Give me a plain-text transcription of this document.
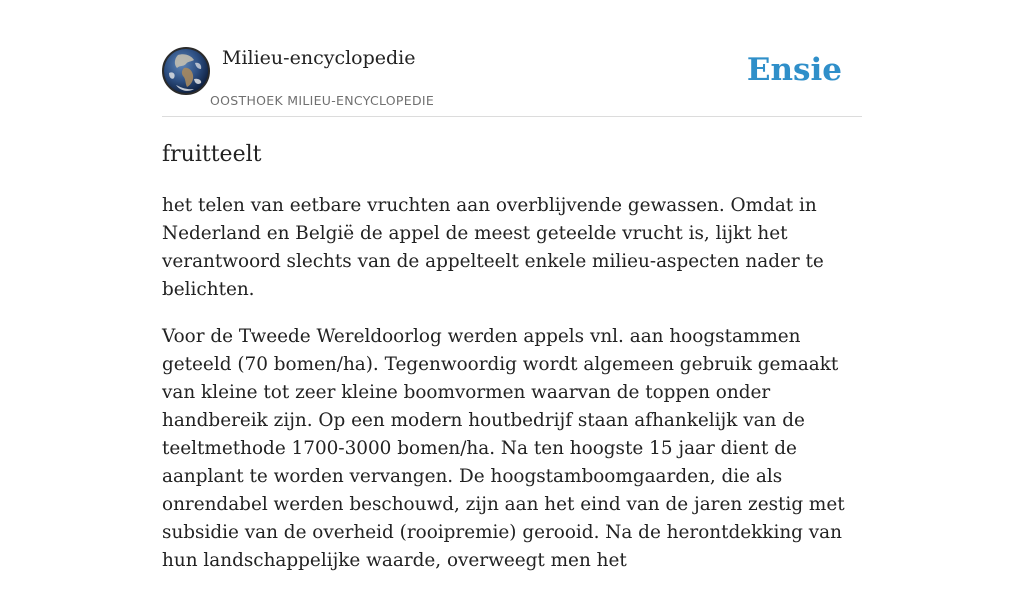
Milieu-encyclopedie
OOSTHOEK MILIEU-ENCYCLOPEDIE
Ensie
fruitteelt

het telen van eetbare vruchten aan overblijvende gewassen. Omdat in Nederland en België de appel de meest geteelde vrucht is, lijkt het verantwoord slechts van de appelteelt enkele milieu-aspecten nader te belichten.

Voor de Tweede Wereldoorlog werden appels vnl. aan hoogstammen geteeld (70 bomen/ha). Tegenwoordig wordt algemeen gebruik gemaakt van kleine tot zeer kleine boomvormen waarvan de toppen onder handbereik zijn. Op een modern houtbedrijf staan afhankelijk van de teeltmethode 1700-3000 bomen/ha. Na ten hoogste 15 jaar dient de aanplant te worden vervangen. De hoogstamboomgaarden, die als onrendabel werden beschouwd, zijn aan het eind van de jaren zestig met subsidie van de overheid (rooipremie) gerooid. Na de herontdekking van hun landschappelijke waarde, overweegt men het
